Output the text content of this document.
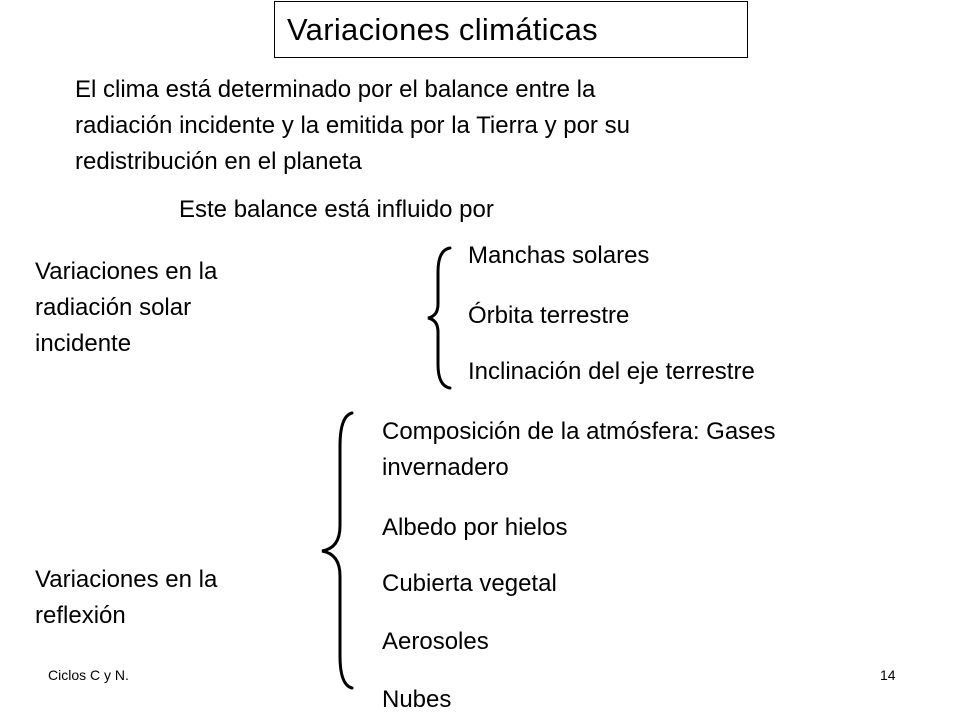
Variaciones climáticas
El clima está determinado por el balance entre la
radiación incidente y la emitida por la Tierra y por su
redistribución en el planeta
Este balance está influido por
Variaciones en la
radiación solar
incidente
Manchas solares
Órbita terrestre
Inclinación del eje terrestre
Variaciones en la
reflexión
Composición de la atmósfera: Gases
invernadero
Albedo por hielos
Cubierta vegetal
Aerosoles
Nubes
Ciclos C y N.	14
